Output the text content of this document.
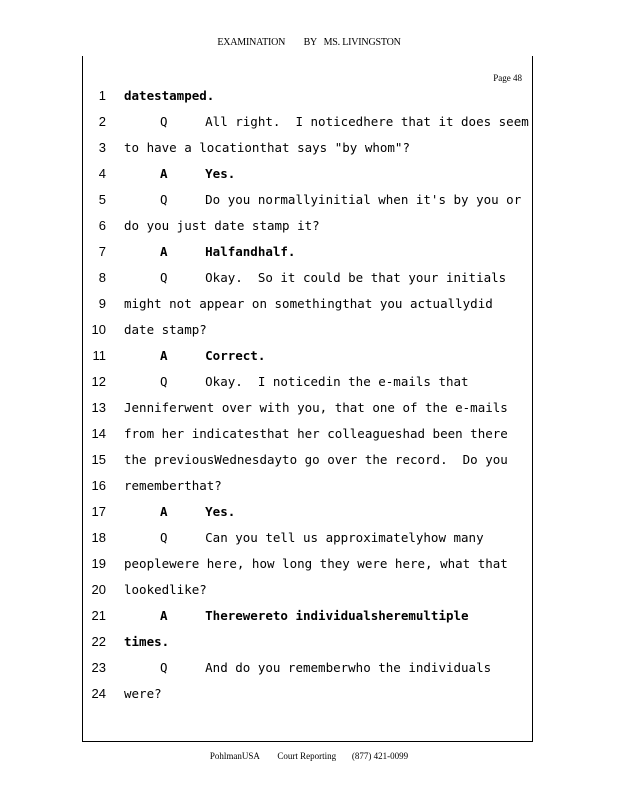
EXAMINATION BY MS. LIVINGSTON
Page 48
1 datestamped.
2	Q     All right.  I noticedhere that it does seem
3 to have a locationthat says "by whom"?
4	A     Yes.
5	Q     Do you normallyinitial when it's by you or
6 do you just date stamp it?
7	A     Halfandhalf.
8	Q     Okay.  So it could be that your initials
9 might not appear on somethingthat you actuallydid
10 date stamp?
11	A     Correct.
12	Q     Okay.  I noticedin the e-mails that
13 Jenniferwent over with you, that one of the e-mails
14 from her indicatesthat her colleagueshad been there
15 the previousWednesdayto go over the record.  Do you
16 rememberthat?
17	A     Yes.
18	Q     Can you tell us approximatelyhow many
19 peoplewere here, how long they were here, what that
20 lookedlike?
21	A     Therewereto individualsheremultiple
22 times.
23	Q     And do you rememberwho the individuals
24 were?
PohlmanUSA Court Reporting (877) 421-0099
